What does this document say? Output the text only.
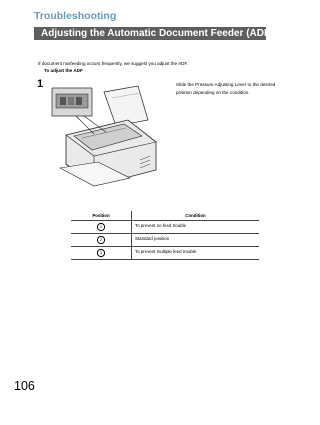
Troubleshooting
Adjusting the Automatic Document Feeder (ADF)

If document misfeeding occurs frequently, we suggest you adjust the ADF.

To adjust the ADF

1	Slide the Pressure Adjusting Lever to the desired position depending on the condition.

Position	Condition
1	To prevent no feed trouble
2	Standard position
3	To prevent multiple feed trouble

106
